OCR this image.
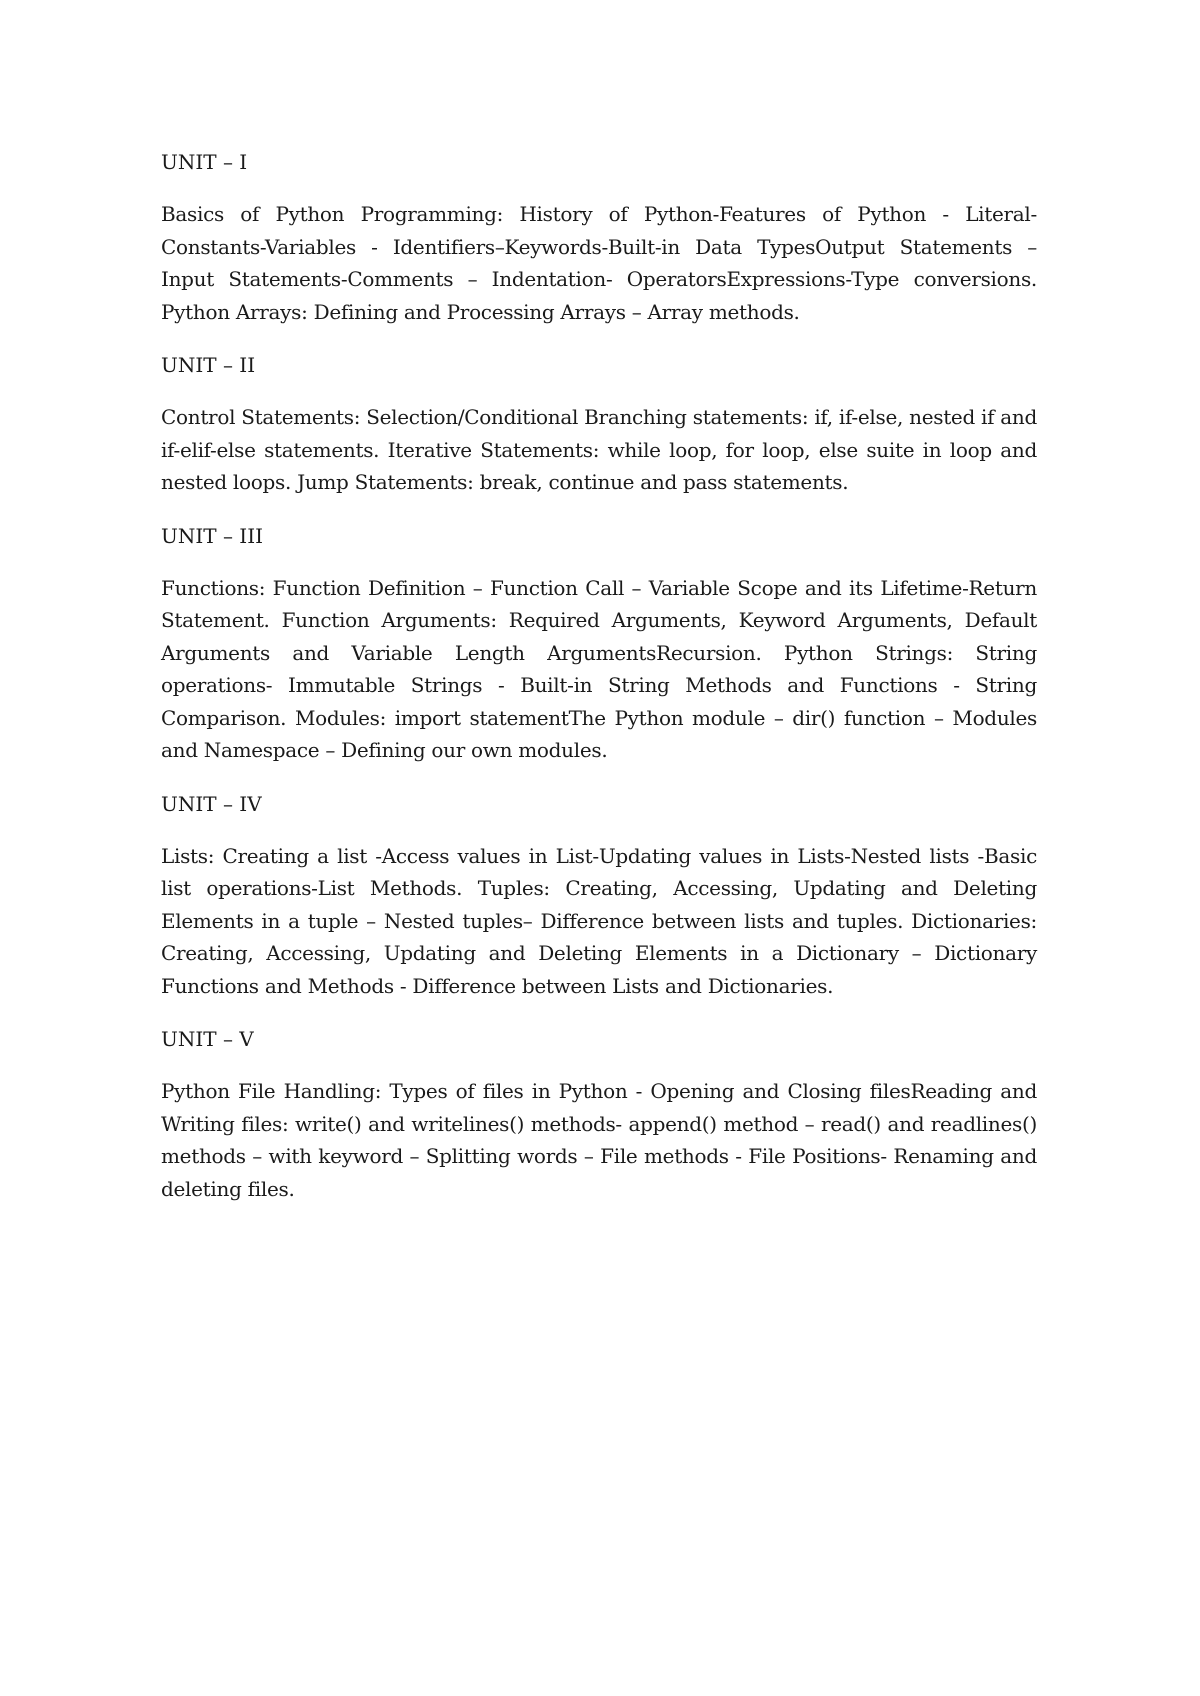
UNIT – I

Basics of Python Programming: History of Python-Features of Python - Literal-Constants-Variables - Identifiers–Keywords-Built-in Data TypesOutput Statements – Input Statements-Comments – Indentation- OperatorsExpressions-Type conversions. Python Arrays: Defining and Processing Arrays – Array methods.

UNIT – II

Control Statements: Selection/Conditional Branching statements: if, if-else, nested if and if-elif-else statements. Iterative Statements: while loop, for loop, else suite in loop and nested loops. Jump Statements: break, continue and pass statements.

UNIT – III

Functions: Function Definition – Function Call – Variable Scope and its Lifetime-Return Statement. Function Arguments: Required Arguments, Keyword Arguments, Default Arguments and Variable Length ArgumentsRecursion. Python Strings: String operations- Immutable Strings - Built-in String Methods and Functions - String Comparison. Modules: import statementThe Python module – dir() function – Modules and Namespace – Defining our own modules.

UNIT – IV

Lists: Creating a list -Access values in List-Updating values in Lists-Nested lists -Basic list operations-List Methods. Tuples: Creating, Accessing, Updating and Deleting Elements in a tuple – Nested tuples– Difference between lists and tuples. Dictionaries: Creating, Accessing, Updating and Deleting Elements in a Dictionary – Dictionary Functions and Methods - Difference between Lists and Dictionaries.

UNIT – V

Python File Handling: Types of files in Python - Opening and Closing filesReading and Writing files: write() and writelines() methods- append() method – read() and readlines() methods – with keyword – Splitting words – File methods - File Positions- Renaming and deleting files.
